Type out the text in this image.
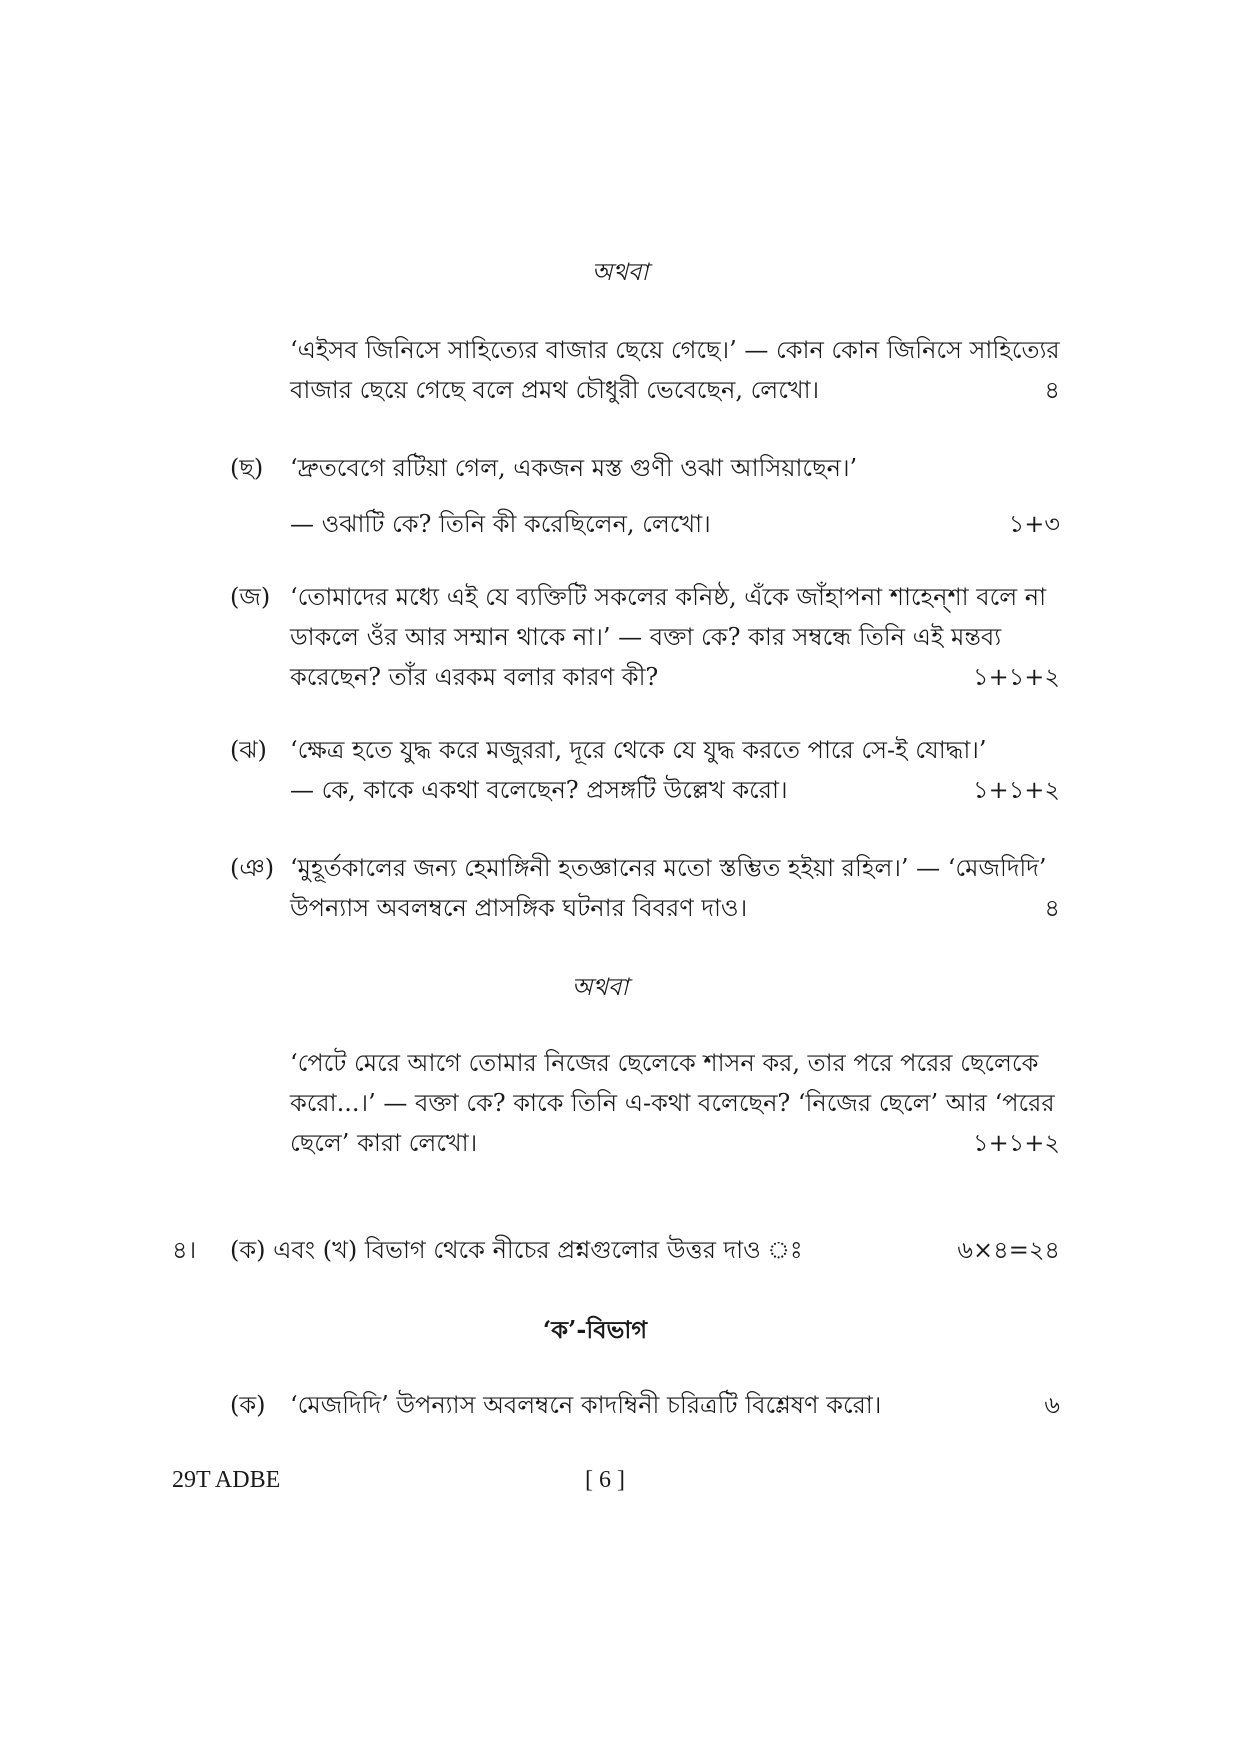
অথবা
‘এইসব জিনিসে সাহিত্যের বাজার ছেয়ে গেছে।’ — কোন কোন জিনিসে সাহিত্যের
বাজার ছেয়ে গেছে বলে প্রমথ চৌধুরী ভেবেছেন, লেখো।	৪
(ছ)	‘দ্রুতবেগে রটিয়া গেল, একজন মস্ত গুণী ওঝা আসিয়াছেন।’
— ওঝাটি কে? তিনি কী করেছিলেন, লেখো।	১+৩
(জ) ‘তোমাদের মধ্যে এই যে ব্যক্তিটি সকলের কনিষ্ঠ, এঁকে জাঁহাপনা শাহেন্‌শা বলে না
ডাকলে ওঁর আর সম্মান থাকে না।’ — বক্তা কে? কার সম্বন্ধে তিনি এই মন্তব্য
করেছেন? তাঁর এরকম বলার কারণ কী?	১+১+২
(ঝ) ‘ক্ষেত্র হতে যুদ্ধ করে মজুররা, দূরে থেকে যে যুদ্ধ করতে পারে সে-ই যোদ্ধা।’
— কে, কাকে একথা বলেছেন? প্রসঙ্গটি উল্লেখ করো।	১+১+২
(ঞ) ‘মুহূর্তকালের জন্য হেমাঙ্গিনী হতজ্ঞানের মতো স্তম্ভিত হইয়া রহিল।’ — ‘মেজদিদি’
উপন্যাস অবলম্বনে প্রাসঙ্গিক ঘটনার বিবরণ দাও।	৪
অথবা
‘পেটে মেরে আগে তোমার নিজের ছেলেকে শাসন কর, তার পরে পরের ছেলেকে
করো...।’ — বক্তা কে? কাকে তিনি এ-কথা বলেছেন? ‘নিজের ছেলে’ আর ‘পরের
ছেলে’ কারা লেখো।	১+১+২
৪।	(ক) এবং (খ) বিভাগ থেকে নীচের প্রশ্নগুলোর উত্তর দাও ঃ	৬×৪=২৪
‘ক’-বিভাগ
(ক)	‘মেজদিদি’ উপন্যাস অবলম্বনে কাদম্বিনী চরিত্রটি বিশ্লেষণ করো।	৬
29T ADBE	[ 6 ]
